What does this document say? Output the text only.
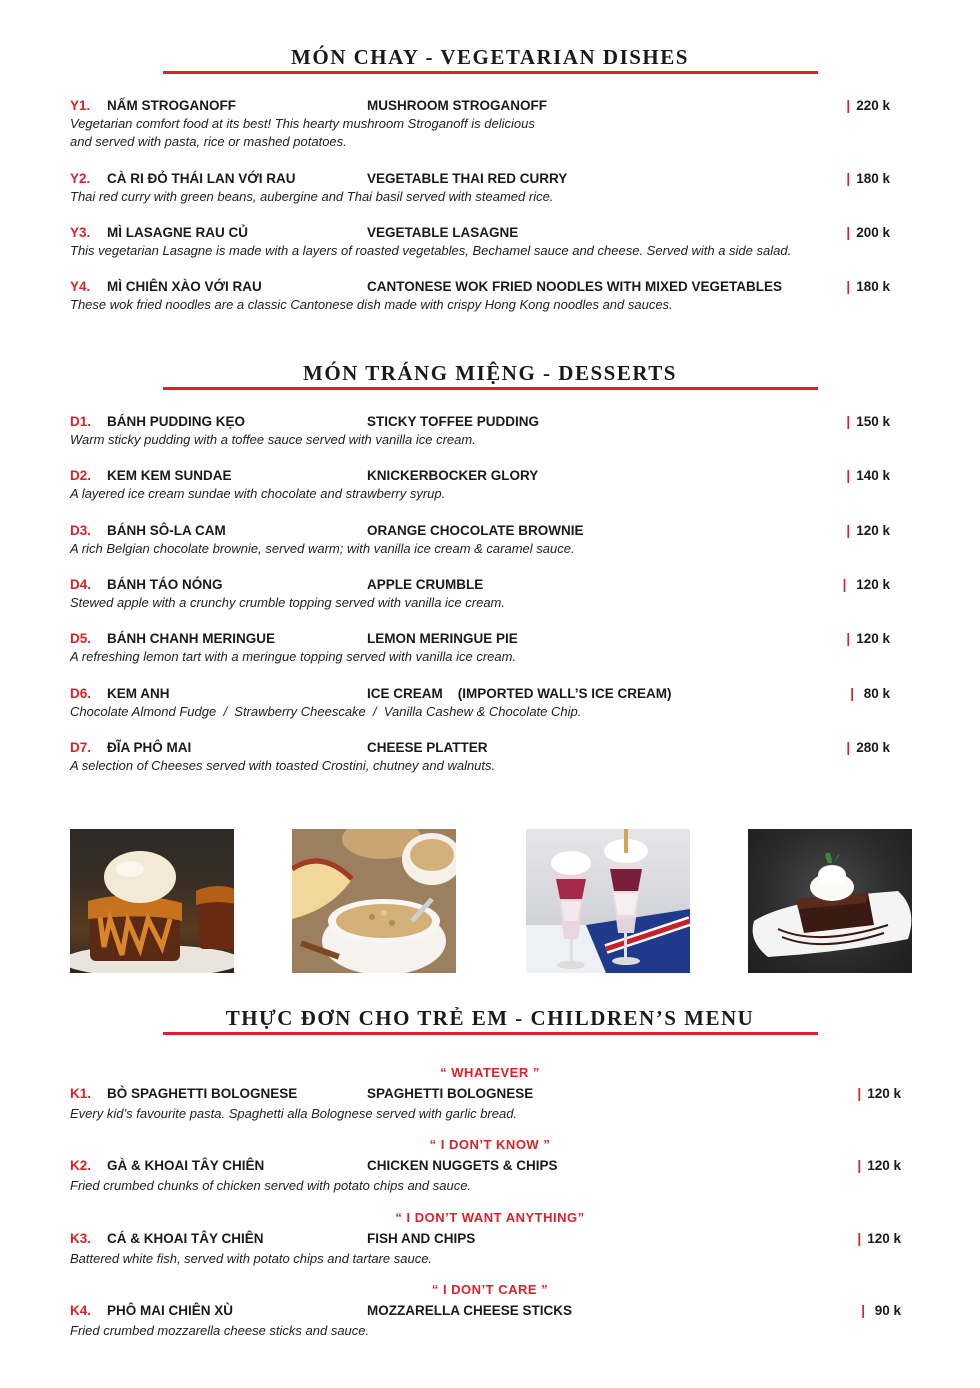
MÓN CHAY - VEGETARIAN DISHES
Y1. NẤM STROGANOFF	MUSHROOM STROGANOFF	| 220 k
Vegetarian comfort food at its best! This hearty mushroom Stroganoff is delicious
and served with pasta, rice or mashed potatoes.
Y2. CÀ RI ĐỎ THÁI LAN VỚI RAU	VEGETABLE THAI RED CURRY	| 180 k
Thai red curry with green beans, aubergine and Thai basil served with steamed rice.
Y3. MÌ LASAGNE RAU CỦ	VEGETABLE LASAGNE	| 200 k
This vegetarian Lasagne is made with a layers of roasted vegetables, Bechamel sauce and cheese. Served with a side salad.
Y4. MÌ CHIÊN XÀO VỚI RAU	CANTONESE WOK FRIED NOODLES WITH MIXED VEGETABLES	| 180 k
These wok fried noodles are a classic Cantonese dish made with crispy Hong Kong noodles and sauces.
MÓN TRÁNG MIỆNG - DESSERTS
D1. BÁNH PUDDING KẸO	STICKY TOFFEE PUDDING	| 150 k
Warm sticky pudding with a toffee sauce served with vanilla ice cream.
D2. KEM KEM SUNDAE	KNICKERBOCKER GLORY	| 140 k
A layered ice cream sundae with chocolate and strawberry syrup.
D3. BÁNH SÔ-LA CAM	ORANGE CHOCOLATE BROWNIE	| 120 k
A rich Belgian chocolate brownie, served warm; with vanilla ice cream & caramel sauce.
D4. BÁNH TÁO NÓNG	APPLE CRUMBLE	| 120 k
Stewed apple with a crunchy crumble topping served with vanilla ice cream.
D5. BÁNH CHANH MERINGUE	LEMON MERINGUE PIE	| 120 k
A refreshing lemon tart with a meringue topping served with vanilla ice cream.
D6. KEM ANH	ICE CREAM    (IMPORTED WALL’S ICE CREAM)	| 80 k
Chocolate Almond Fudge  /  Strawberry Cheescake  /  Vanilla Cashew & Chocolate Chip.
D7. ĐĨA PHÔ MAI	CHEESE PLATTER	| 280 k
A selection of Cheeses served with toasted Crostini, chutney and walnuts.
THỰC ĐƠN CHO TRẺ EM - CHILDREN’S MENU
“ WHATEVER ”
K1. BÒ SPAGHETTI BOLOGNESE	SPAGHETTI BOLOGNESE	| 120 k
Every kid’s favourite pasta. Spaghetti alla Bolognese served with garlic bread.
“ I DON’T KNOW ”
K2. GÀ & KHOAI TÂY CHIÊN	CHICKEN NUGGETS & CHIPS	| 120 k
Fried crumbed chunks of chicken served with potato chips and sauce.
“ I DON’T WANT ANYTHING”
K3. CÁ & KHOAI TÂY CHIÊN	FISH AND CHIPS	| 120 k
Battered white fish, served with potato chips and tartare sauce.
“ I DON’T CARE ”
K4. PHÔ MAI CHIÊN XÙ	MOZZARELLA CHEESE STICKS	| 90 k
Fried crumbed mozzarella cheese sticks and sauce.
